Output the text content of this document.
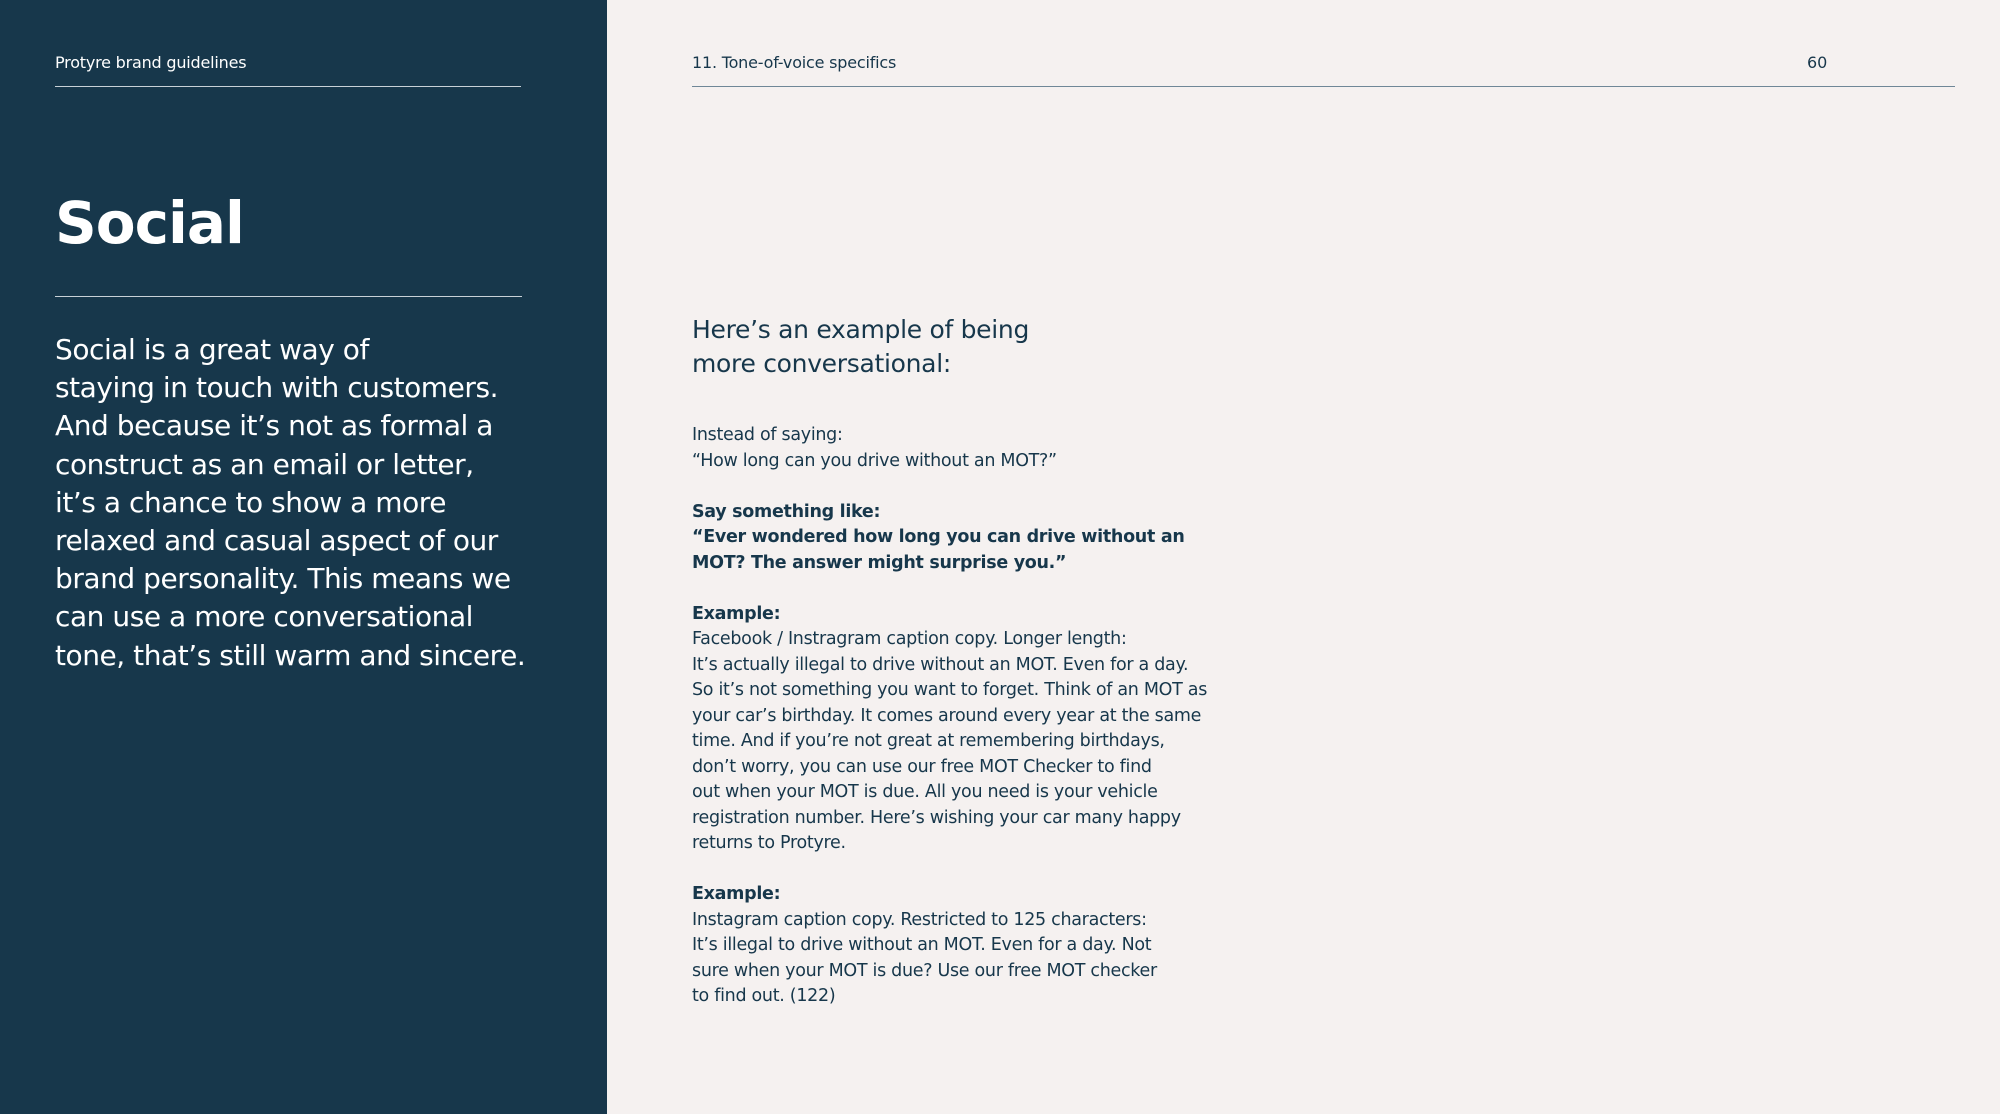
Protyre brand guidelines
Social

Social is a great way of
staying in touch with customers.
And because it’s not as formal a
construct as an email or letter,
it’s a chance to show a more
relaxed and casual aspect of our
brand personality. This means we
can use a more conversational
tone, that’s still warm and sincere.

11. Tone-of-voice specifics	60
Here’s an example of being
more conversational:

Instead of saying:

“How long can you drive without an MOT?”

Say something like:

“Ever wondered how long you can drive without an

MOT? The answer might surprise you.”

Example:

Facebook / Instragram caption copy. Longer length:

It’s actually illegal to drive without an MOT. Even for a day.

So it’s not something you want to forget. Think of an MOT as

your car’s birthday. It comes around every year at the same

time. And if you’re not great at remembering birthdays,

don’t worry, you can use our free MOT Checker to find

out when your MOT is due. All you need is your vehicle

registration number. Here’s wishing your car many happy

returns to Protyre.

Example:

Instagram caption copy. Restricted to 125 characters:

It’s illegal to drive without an MOT. Even for a day. Not

sure when your MOT is due? Use our free MOT checker

to find out. (122)
